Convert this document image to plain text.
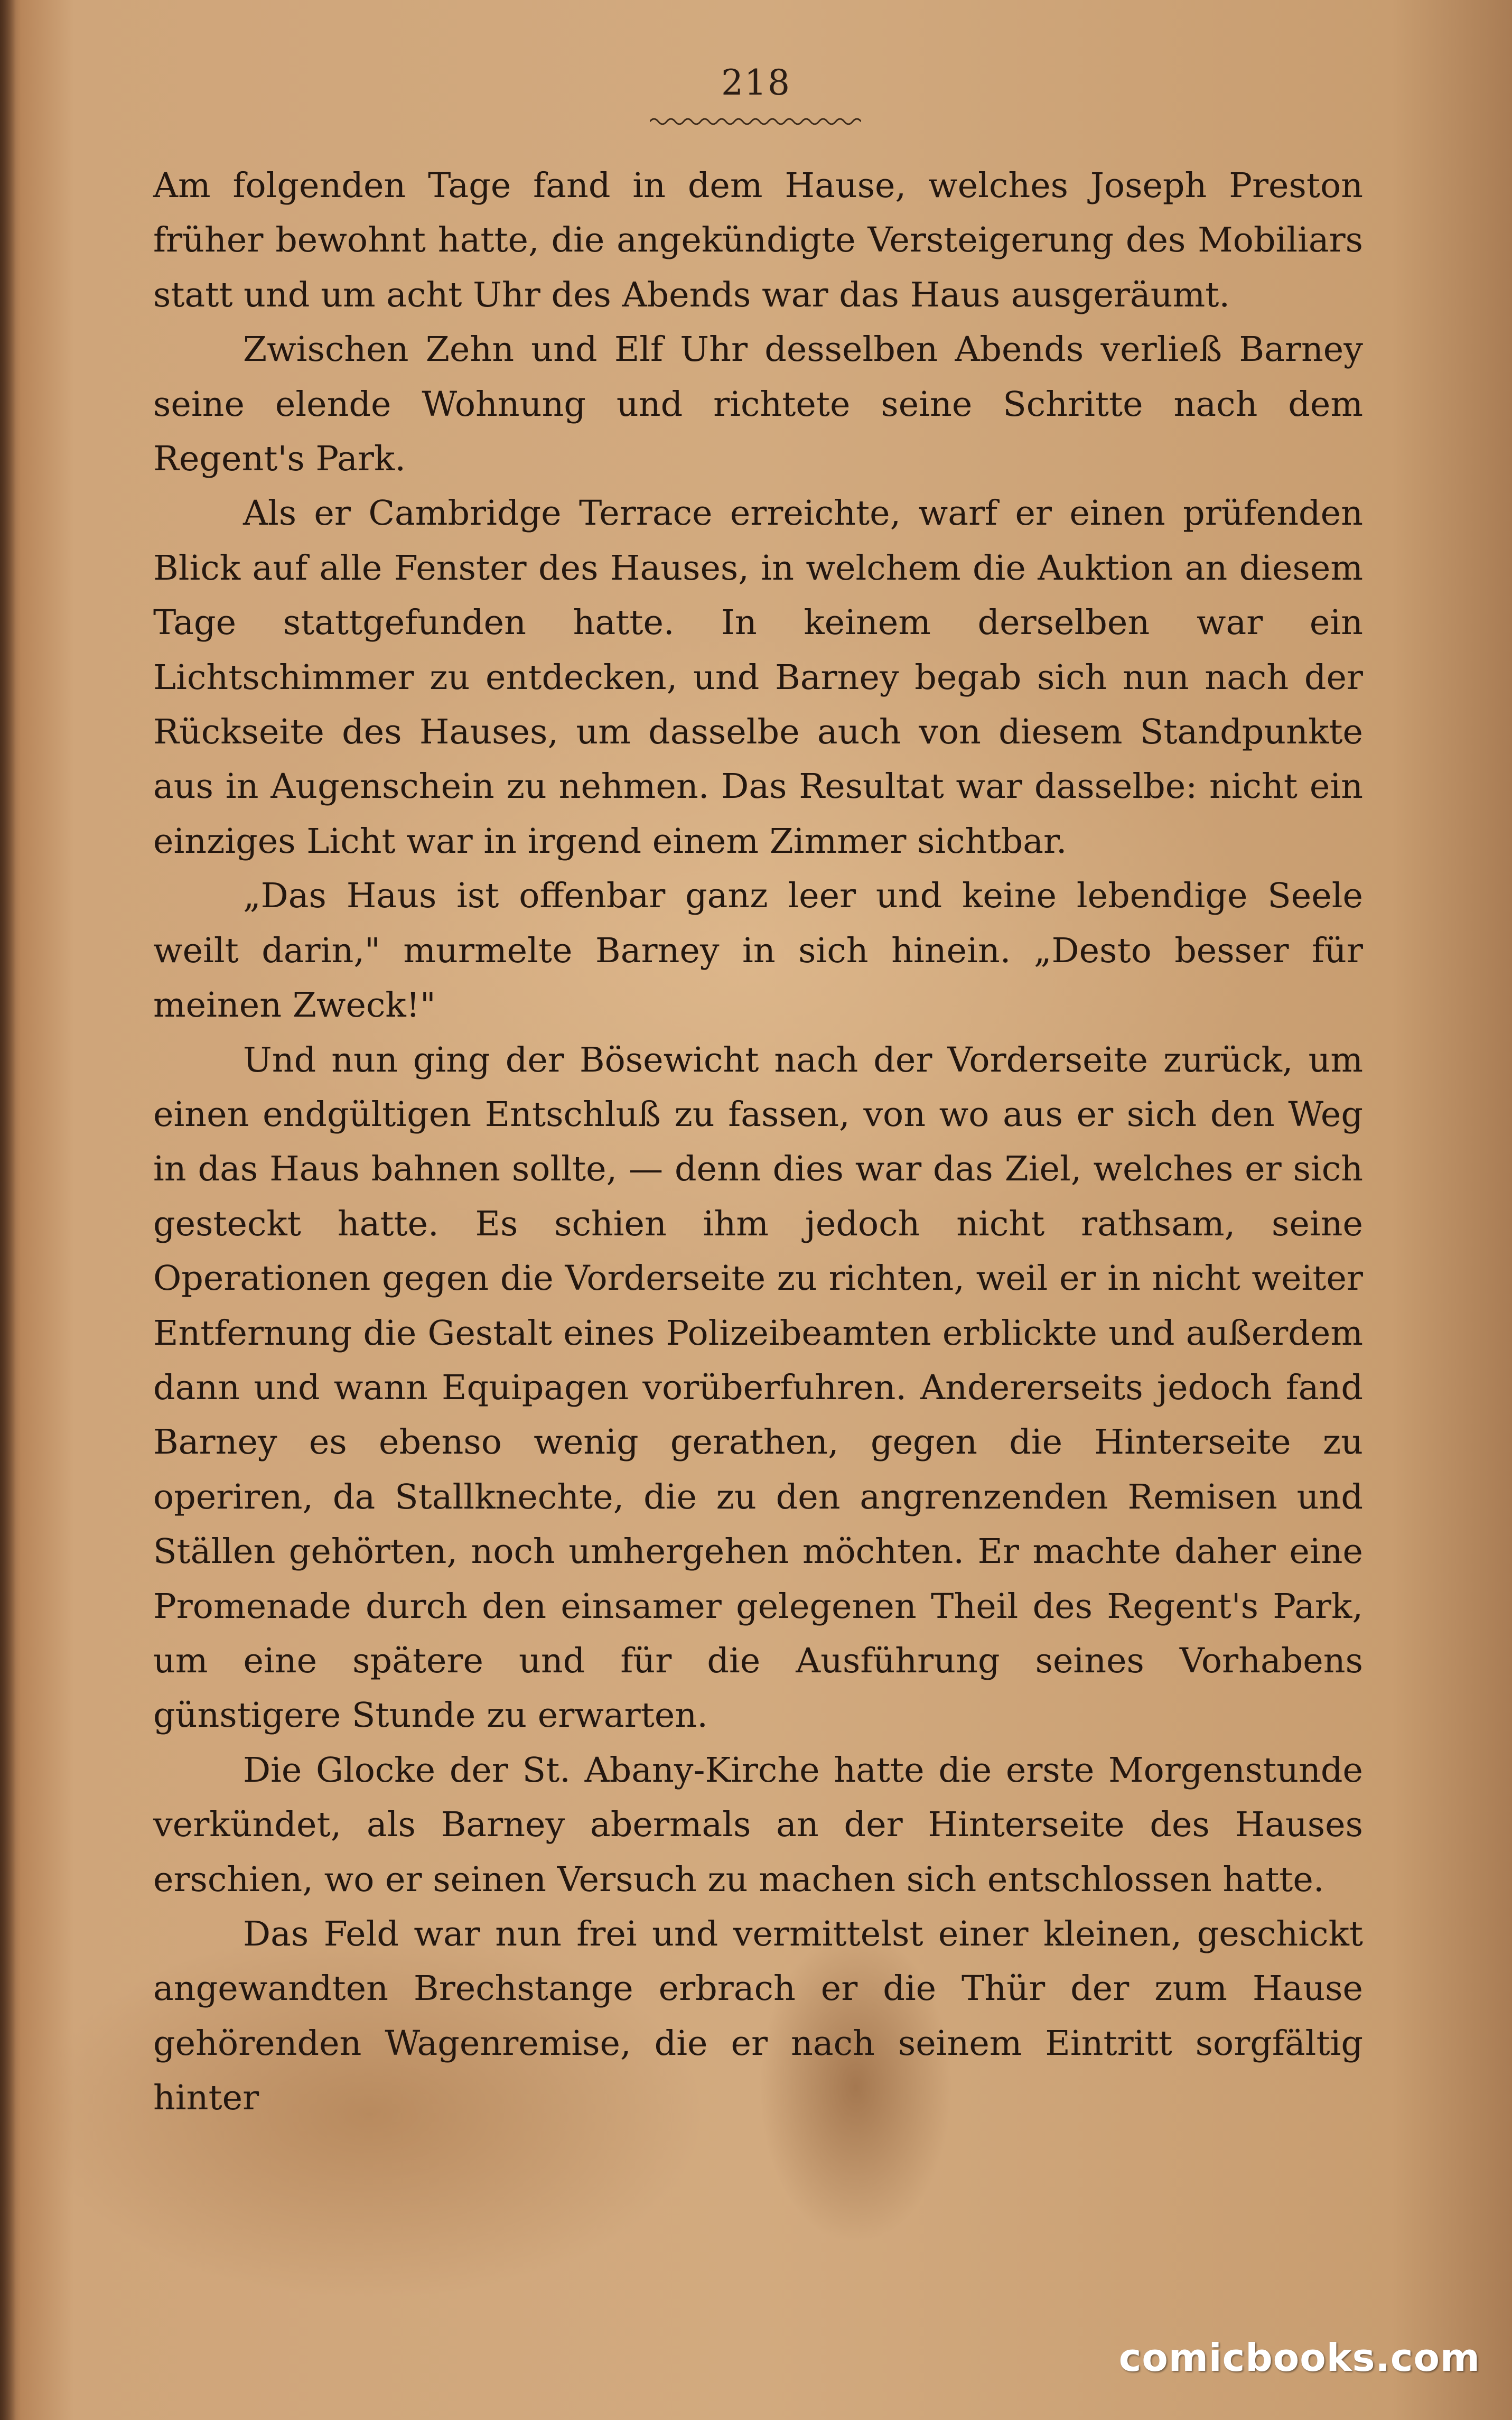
218

Am folgenden Tage fand in dem Hause, welches Joseph Preston früher bewohnt hatte, die angekündigte Versteigerung des Mobiliars statt und um acht Uhr des Abends war das Haus ausgeräumt.

Zwischen Zehn und Elf Uhr desselben Abends verließ Barney seine elende Wohnung und richtete seine Schritte nach dem Regent's Park.

Als er Cambridge Terrace erreichte, warf er einen prüfenden Blick auf alle Fenster des Hauses, in welchem die Auktion an diesem Tage stattgefunden hatte. In keinem derselben war ein Lichtschimmer zu entdecken, und Barney begab sich nun nach der Rückseite des Hauses, um dasselbe auch von diesem Standpunkte aus in Augenschein zu nehmen. Das Resultat war dasselbe: nicht ein einziges Licht war in irgend einem Zimmer sichtbar.

„Das Haus ist offenbar ganz leer und keine lebendige Seele weilt darin," murmelte Barney in sich hinein. „Desto besser für meinen Zweck!"

Und nun ging der Bösewicht nach der Vorderseite zurück, um einen endgültigen Entschluß zu fassen, von wo aus er sich den Weg in das Haus bahnen sollte, — denn dies war das Ziel, welches er sich gesteckt hatte. Es schien ihm jedoch nicht rathsam, seine Operationen gegen die Vorderseite zu richten, weil er in nicht weiter Entfernung die Gestalt eines Polizeibeamten erblickte und außerdem dann und wann Equipagen vorüberfuhren. Andererseits jedoch fand Barney es ebenso wenig gerathen, gegen die Hinterseite zu operiren, da Stallknechte, die zu den angrenzenden Remisen und Ställen gehörten, noch umhergehen möchten. Er machte daher eine Promenade durch den einsamer gelegenen Theil des Regent's Park, um eine spätere und für die Ausführung seines Vorhabens günstigere Stunde zu erwarten.

Die Glocke der St. Abany-Kirche hatte die erste Morgenstunde verkündet, als Barney abermals an der Hinterseite des Hauses erschien, wo er seinen Versuch zu machen sich entschlossen hatte.

Das Feld war nun frei und vermittelst einer kleinen, geschickt angewandten Brechstange erbrach er die Thür der zum Hause gehörenden Wagenremise, die er nach seinem Eintritt sorgfältig hinter

comicbooks.com
